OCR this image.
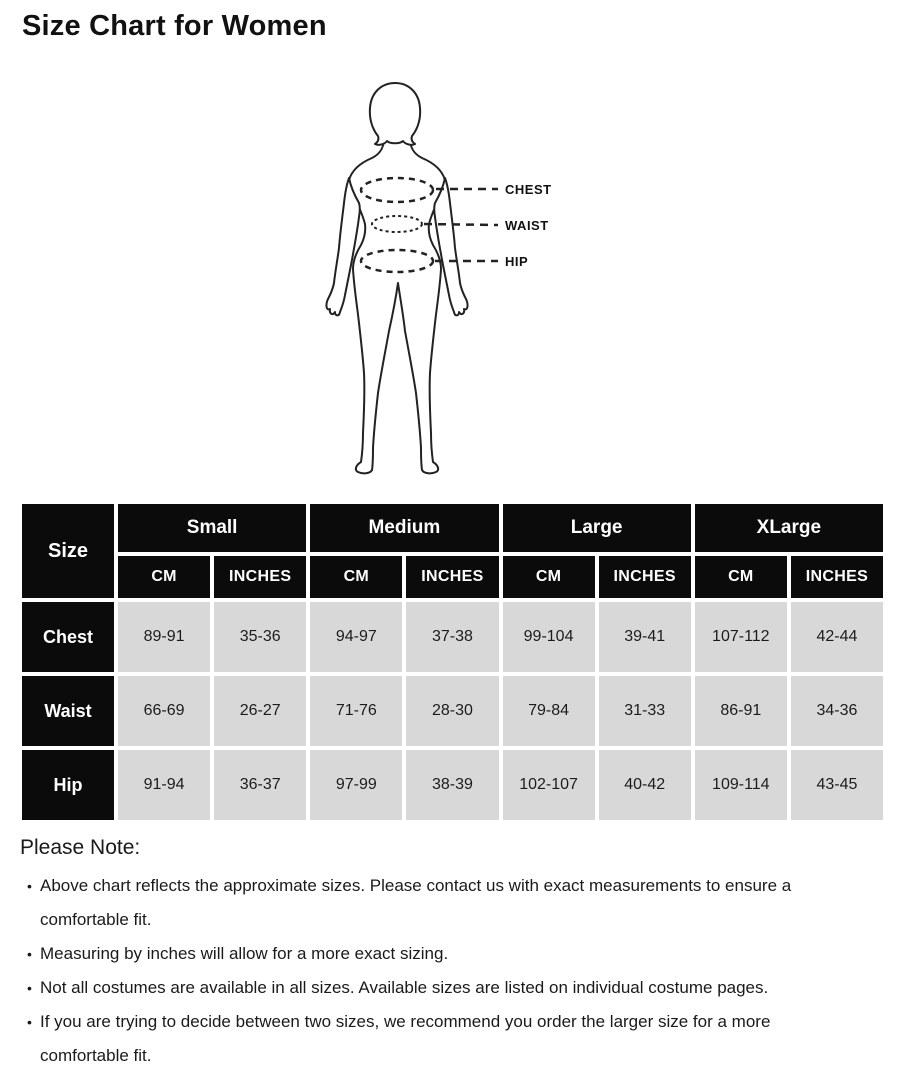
Size Chart for Women
CHEST
WAIST
HIP
Size
Small	Medium	Large	XLarge
CM	INCHES	CM	INCHES	CM	INCHES	CM	INCHES
Chest	89-91	35-36	94-97	37-38	99-104	39-41	107-112	42-44
Waist	66-69	26-27	71-76	28-30	79-84	31-33	86-91	34-36
Hip	91-94	36-37	97-99	38-39	102-107	40-42	109-114	43-45
Please Note:
• Above chart reflects the approximate sizes. Please contact us with exact measurements to ensure a comfortable fit.
• Measuring by inches will allow for a more exact sizing.
• Not all costumes are available in all sizes. Available sizes are listed on individual costume pages.
• If you are trying to decide between two sizes, we recommend you order the larger size for a more comfortable fit.
